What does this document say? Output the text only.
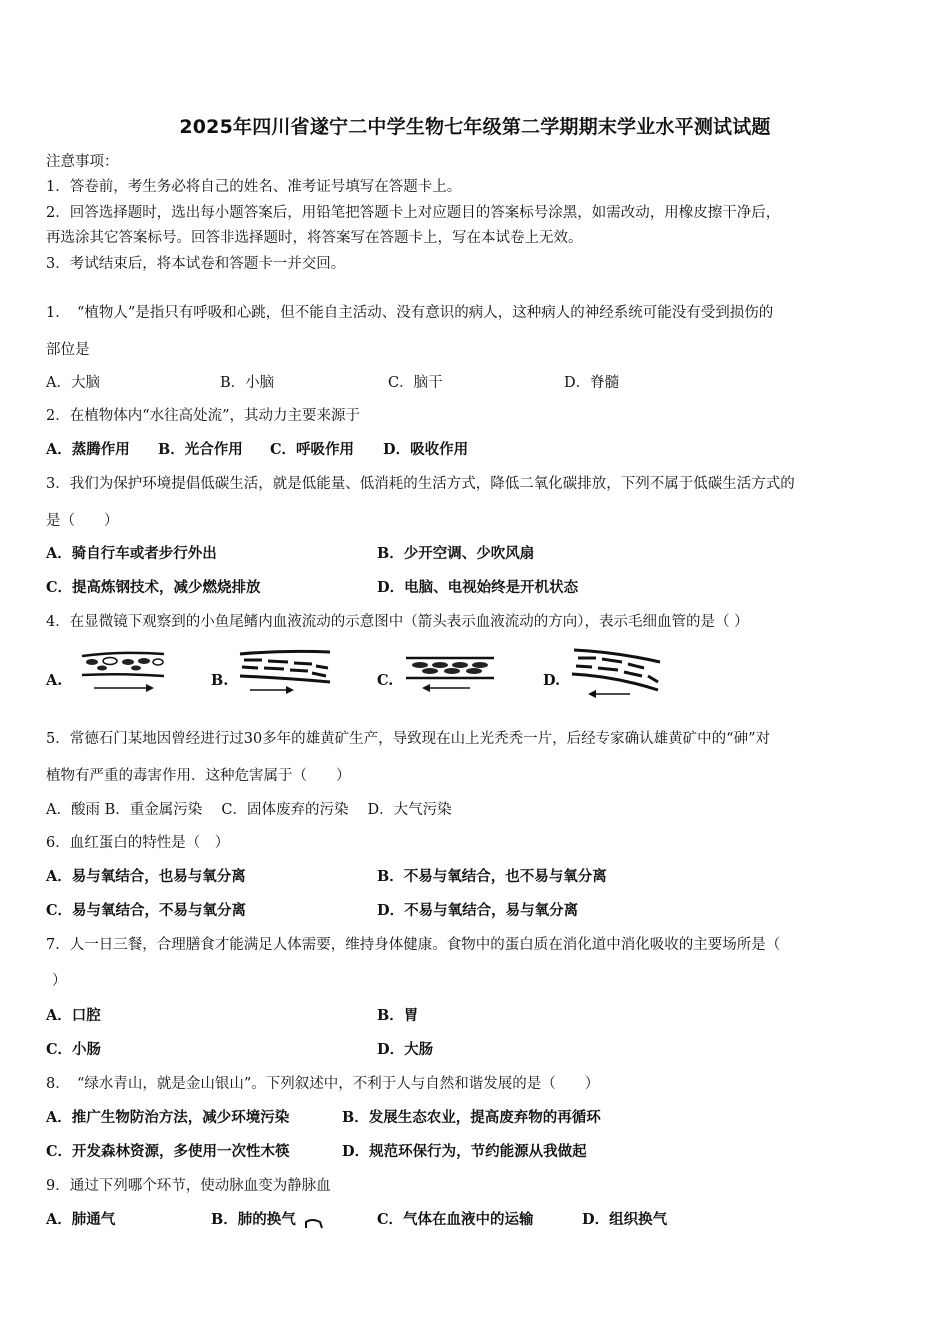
2025年四川省遂宁二中学生物七年级第二学期期末学业水平测试试题
注意事项：
1．答卷前，考生务必将自己的姓名、准考证号填写在答题卡上。
2．回答选择题时，选出每小题答案后，用铅笔把答题卡上对应题目的答案标号涂黑，如需改动，用橡皮擦干净后，
再选涂其它答案标号。回答非选择题时，将答案写在答题卡上，写在本试卷上无效。
3．考试结束后，将本试卷和答题卡一并交回。
1．　“植物人”是指只有呼吸和心跳，但不能自主活动、没有意识的病人，这种病人的神经系统可能没有受到损伤的
部位是
A．大脑	B．小脑	C．脑干	D．脊髓
2．在植物体内“水往高处流”，其动力主要来源于
A．蒸腾作用 B．光合作用 C．呼吸作用 D．吸收作用
3．我们为保护环境提倡低碳生活，就是低能量、低消耗的生活方式，降低二氧化碳排放，下列不属于低碳生活方式的
是（　　）
A．骑自行车或者步行外出	B．少开空调、少吹风扇
C．提高炼钢技术，减少燃烧排放	D．电脑、电视始终是开机状态
4．在显微镜下观察到的小鱼尾鳍内血液流动的示意图中（箭头表示血液流动的方向），表示毛细血管的是（ ）
A.	B.	C.	D.
5．常德石门某地因曾经进行过30多年的雄黄矿生产，导致现在山上光秃秃一片，后经专家确认雄黄矿中的“砷”对
植物有严重的毒害作用．这种危害属于（　　）
A．酸雨 B．重金属污染　 C．固体废弃的污染　 D．大气污染
6．血红蛋白的特性是（　）
A．易与氧结合，也易与氧分离	B．不易与氧结合，也不易与氧分离
C．易与氧结合，不易与氧分离	D．不易与氧结合，易与氧分离
7．人一日三餐，合理膳食才能满足人体需要，维持身体健康。食物中的蛋白质在消化道中消化吸收的主要场所是（
）
A．口腔	B．胃
C．小肠	D．大肠
8．　“绿水青山，就是金山银山”。下列叙述中，不利于人与自然和谐发展的是（　　）
A．推广生物防治方法，减少环境污染	B．发展生态农业，提高废弃物的再循环
C．开发森林资源，多使用一次性木筷	D．规范环保行为，节约能源从我做起
9．通过下列哪个环节，使动脉血变为静脉血
A．肺通气	B．肺的换气	C．气体在血液中的运输	D．组织换气
